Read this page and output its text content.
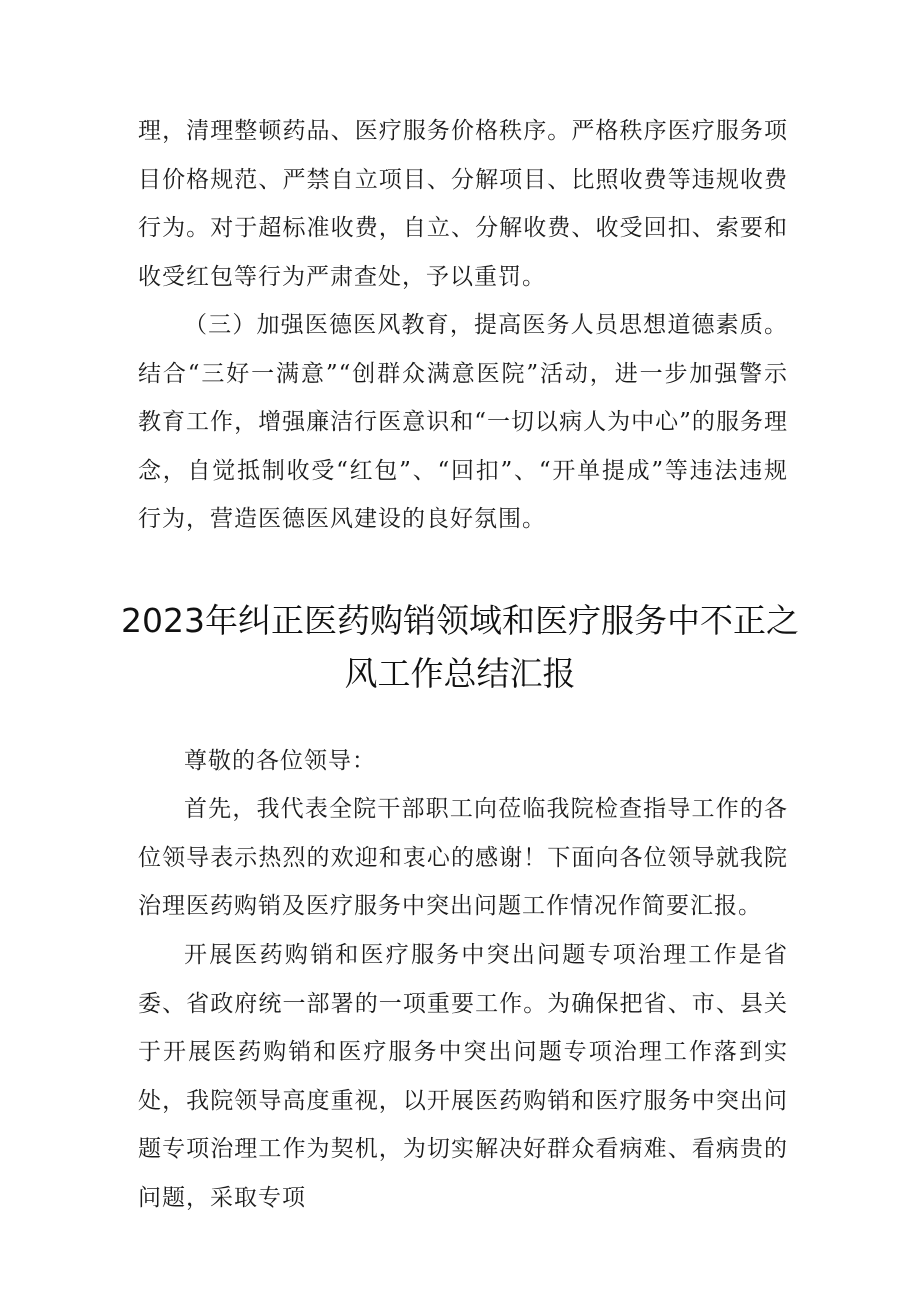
理，清理整顿药品、医疗服务价格秩序。严格秩序医疗服务项目价格规范、严禁自立项目、分解项目、比照收费等违规收费行为。对于超标准收费，自立、分解收费、收受回扣、索要和收受红包等行为严肃查处，予以重罚。

（三）加强医德医风教育，提高医务人员思想道德素质。结合“三好一满意”“创群众满意医院”活动，进一步加强警示教育工作，增强廉洁行医意识和“一切以病人为中心”的服务理念，自觉抵制收受“红包”、“回扣”、“开单提成”等违法违规行为，营造医德医风建设的良好氛围。

2023年纠正医药购销领域和医疗服务中不正之风工作总结汇报

尊敬的各位领导：

首先，我代表全院干部职工向莅临我院检查指导工作的各位领导表示热烈的欢迎和衷心的感谢！下面向各位领导就我院治理医药购销及医疗服务中突出问题工作情况作简要汇报。

开展医药购销和医疗服务中突出问题专项治理工作是省委、省政府统一部署的一项重要工作。为确保把省、市、县关于开展医药购销和医疗服务中突出问题专项治理工作落到实处，我院领导高度重视，以开展医药购销和医疗服务中突出问题专项治理工作为契机，为切实解决好群众看病难、看病贵的问题，采取专项
